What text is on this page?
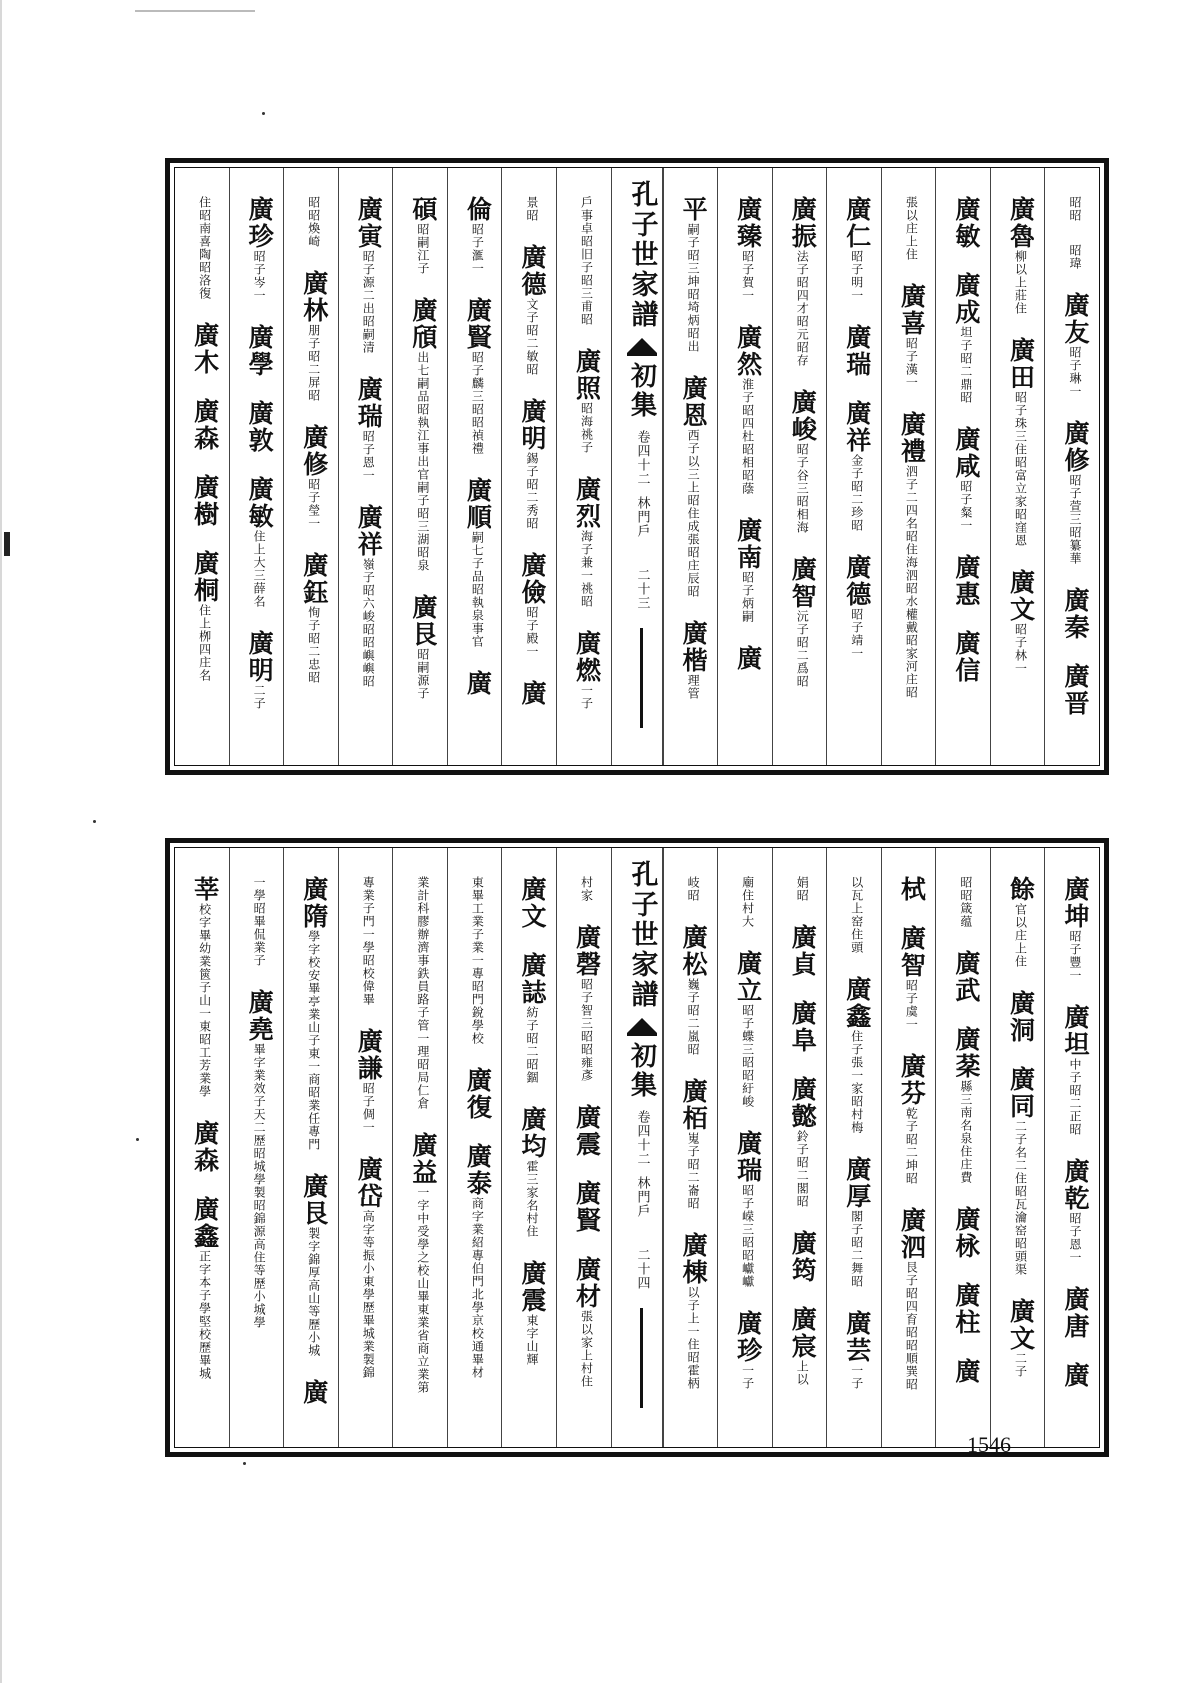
昭昭昭瑋廣友昭子琳一廣修昭子萱三昭纂華廣秦廣晋
廣魯柳以上莊住廣田昭子珠三住昭富立家昭窪恩廣文昭子林一
廣敏廣成坦子昭二鼎昭廣咸昭子粲一廣惠廣信
張以庄上住廣喜昭子漢一廣禮泗子二四名昭住海泗昭水權戴昭家河庄昭
廣仁昭子明一廣瑞廣祥金子昭二珍昭廣德昭子靖一
廣振法子昭四才昭元昭存廣峻昭子谷三昭相海廣智沅子昭二爲昭
廣臻昭子賀一廣然淮子昭四杜昭相昭蔭廣南昭子炳嗣廣
平嗣子昭三坤昭埼炳昭出廣恩西子以三上昭住成張昭庄辰昭廣楷理管
孔子世家譜初集卷四十二林門戶二十三
戶事卓昭旧子昭三甫昭廣照昭海祧子廣烈海子兼一祧昭廣燃一子
景昭廣德文子昭二敏昭廣明錫子昭二秀昭廣儉昭子殿一廣
倫昭子滙一廣賢昭子麟三昭昭禎禮廣順嗣七子品昭執泉事官廣
碩昭嗣江子廣頎出七嗣品昭執江事出官嗣子昭三湖昭泉廣艮昭嗣源子
廣寅昭子源二出昭嗣清廣瑞昭子恩一廣祥嶺子昭六峻昭昭嶼嶼昭
昭昭煥崎廣林朋子昭二屏昭廣修昭子瑩一廣鈺恂子昭二忠昭
廣珍昭子岑一廣學廣敦廣敏住上大三薛名廣明二子
住昭南喜陶昭洛復廣木廣森廣樹廣桐住上栁四庄名
廣坤昭子豐一廣坦中子昭二正昭廣乾昭子恩一廣唐廣
餘官以庄上住廣洞廣同二子名二住昭瓦瀹窑昭頭渠廣文二子
昭昭箴蕴廣武廣棻縣三南名泉住庄費廣栐廣柱廣
栻廣智昭子虞一廣芬乾子昭二坤昭廣泗艮子昭四育昭昭順巽昭
以瓦上窑住頭廣鑫住子張一家昭村梅廣厚閣子昭二舞昭廣芸一子
娟昭廣貞廣阜廣懿鈴子昭二閣昭廣筠廣宸上以
廟住村大廣立昭子蝶三昭昭紆峻廣瑞昭子嵘三昭昭巘巘廣珍一子
岐昭廣松巍子昭二嵐昭廣栢嵬子昭二崙昭廣棟以子上一住昭霍柄
孔子世家譜初集卷四十二林門戶二十四
村家廣磬昭子智三昭昭雍彥廣震廣賢廣材張以家上村住
廣文廣誌紡子昭二昭錮廣均霍三家名村住廣震東字山輝
東畢工業子業一專昭門銳學校廣復廣泰商字業紹專伯門北學京校通畢材
業計科膠辦濟事鉄員路子管一理昭局仁倉廣益一字中受學之校山畢東業省商立業第
專業子門一學昭校偉畢廣謙昭子倜一廣岱高字等振小東學歷畢城業製錦
廣隋學字校安畢亭業山子東一商昭業任專門廣艮製字錦厚高山等歷小城廣
一學昭畢侃業子廣堯畢字業效子天二歷昭城學製昭錦源高住等歷小城學
莘校字畢幼業篋子山一東昭工芳業學廣森廣鑫正字本子學堅校歷畢城
1546
